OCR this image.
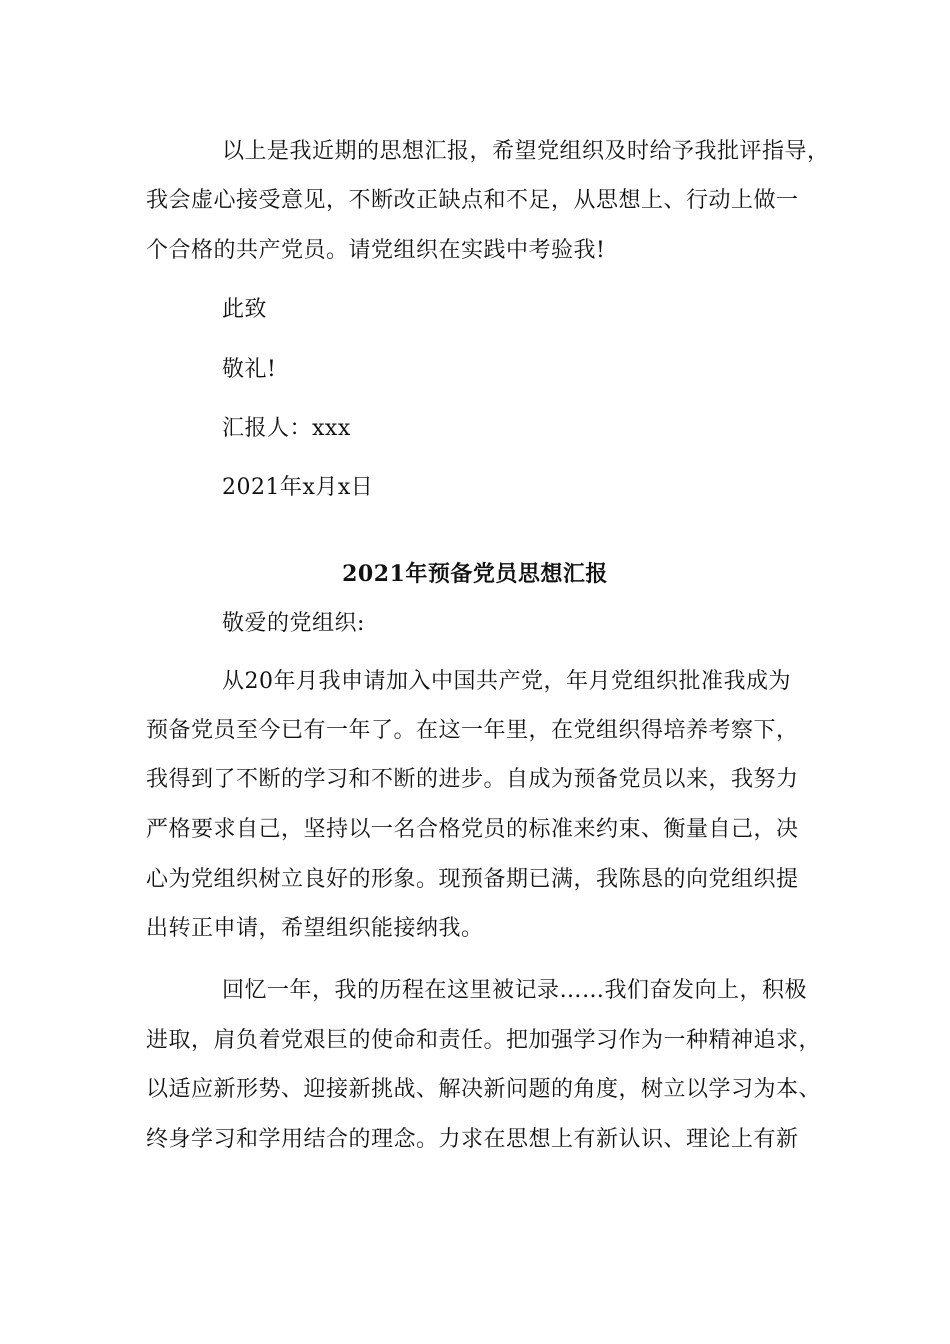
以上是我近期的思想汇报，希望党组织及时给予我批评指导，
我会虚心接受意见，不断改正缺点和不足，从思想上、行动上做一
个合格的共产党员。请党组织在实践中考验我!
此致
敬礼!
汇报人：xxx
2021年x月x日
2021年预备党员思想汇报
敬爱的党组织:
从20年月我申请加入中国共产党，年月党组织批准我成为
预备党员至今已有一年了。在这一年里，在党组织得培养考察下，
我得到了不断的学习和不断的进步。自成为预备党员以来，我努力
严格要求自己，坚持以一名合格党员的标准来约束、衡量自己，决
心为党组织树立良好的形象。现预备期已满，我陈恳的向党组织提
出转正申请，希望组织能接纳我。
回忆一年，我的历程在这里被记录……我们奋发向上，积极
进取，肩负着党艰巨的使命和责任。把加强学习作为一种精神追求，
以适应新形势、迎接新挑战、解决新问题的角度，树立以学习为本、
终身学习和学用结合的理念。力求在思想上有新认识、理论上有新
